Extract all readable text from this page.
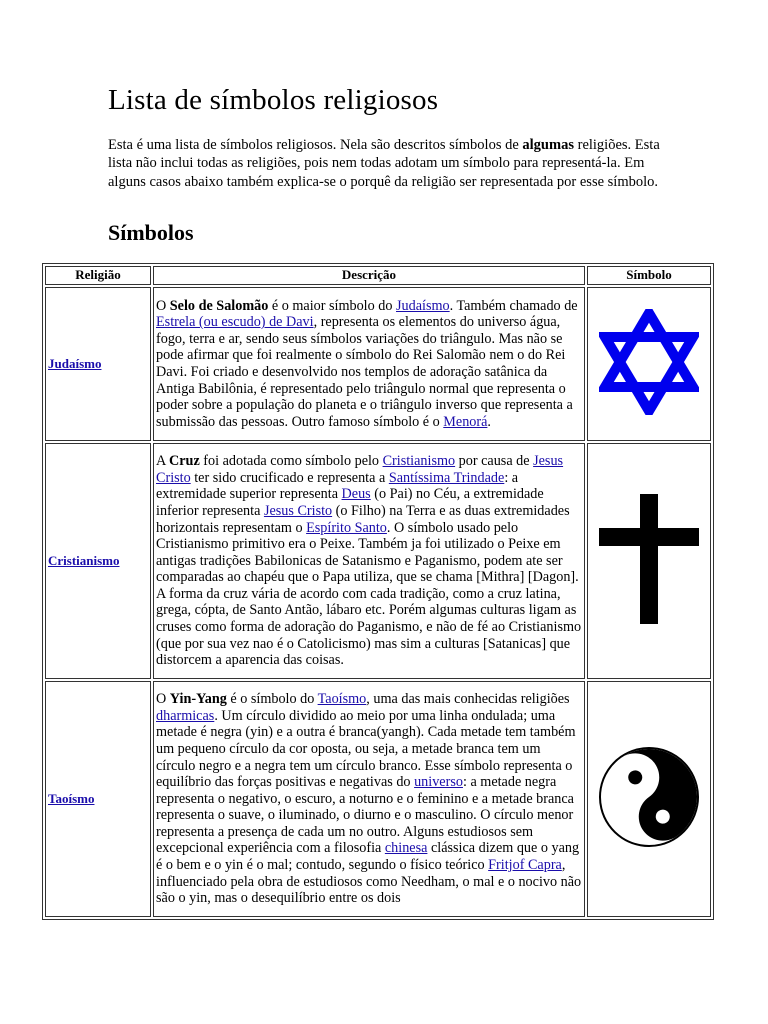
Lista de símbolos religiosos

Esta é uma lista de símbolos religiosos. Nela são descritos símbolos de algumas religiões. Esta lista não inclui todas as religiões, pois nem todas adotam um símbolo para representá-la. Em alguns casos abaixo também explica-se o porquê da religião ser representada por esse símbolo.

Símbolos
Religião	Descrição	Símbolo
Judaísmo	O Selo de Salomão é o maior símbolo do Judaísmo. Também chamado de Estrela (ou escudo) de Davi, representa os elementos do universo água, fogo, terra e ar, sendo seus símbolos variações do triângulo. Mas não se pode afirmar que foi realmente o símbolo do Rei Salomão nem o do Rei Davi. Foi criado e desenvolvido nos templos de adoração satânica da Antiga Babilônia, é representado pelo triângulo normal que representa o poder sobre a população do planeta e o triângulo inverso que representa a submissão das pessoas. Outro famoso símbolo é o Menorá.	
Cristianismo	A Cruz foi adotada como símbolo pelo Cristianismo por causa de Jesus Cristo ter sido crucificado e representa a Santíssima Trindade: a extremidade superior representa Deus (o Pai) no Céu, a extremidade inferior representa Jesus Cristo (o Filho) na Terra e as duas extremidades horizontais representam o Espírito Santo. O símbolo usado pelo Cristianismo primitivo era o Peixe. Também ja foi utilizado o Peixe em antigas tradições Babilonicas de Satanismo e Paganismo, podem ate ser comparadas ao chapéu que o Papa utiliza, que se chama [Mithra] [Dagon]. A forma da cruz vária de acordo com cada tradição, como a cruz latina, grega, cópta, de Santo Antão, lábaro etc. Porém algumas culturas ligam as cruses como forma de adoração do Paganismo, e não de fé ao Cristianismo (que por sua vez nao é o Catolicismo) mas sim a culturas [Satanicas] que distorcem a aparencia das coisas.	
Taoísmo	O Yin-Yang é o símbolo do Taoísmo, uma das mais conhecidas religiões dharmicas. Um círculo dividido ao meio por uma linha ondulada; uma metade é negra (yin) e a outra é branca(yangh). Cada metade tem também um pequeno círculo da cor oposta, ou seja, a metade branca tem um círculo negro e a negra tem um círculo branco. Esse símbolo representa o equilíbrio das forças positivas e negativas do universo: a metade negra representa o negativo, o escuro, a noturno e o feminino e a metade branca representa o suave, o iluminado, o diurno e o masculino. O círculo menor representa a presença de cada um no outro. Alguns estudiosos sem excepcional experiência com a filosofia chinesa clássica dizem que o yang é o bem e o yin é o mal; contudo, segundo o físico teórico Fritjof Capra, influenciado pela obra de estudiosos como Needham, o mal e o nocivo não são o yin, mas o desequilíbrio entre os dois	
